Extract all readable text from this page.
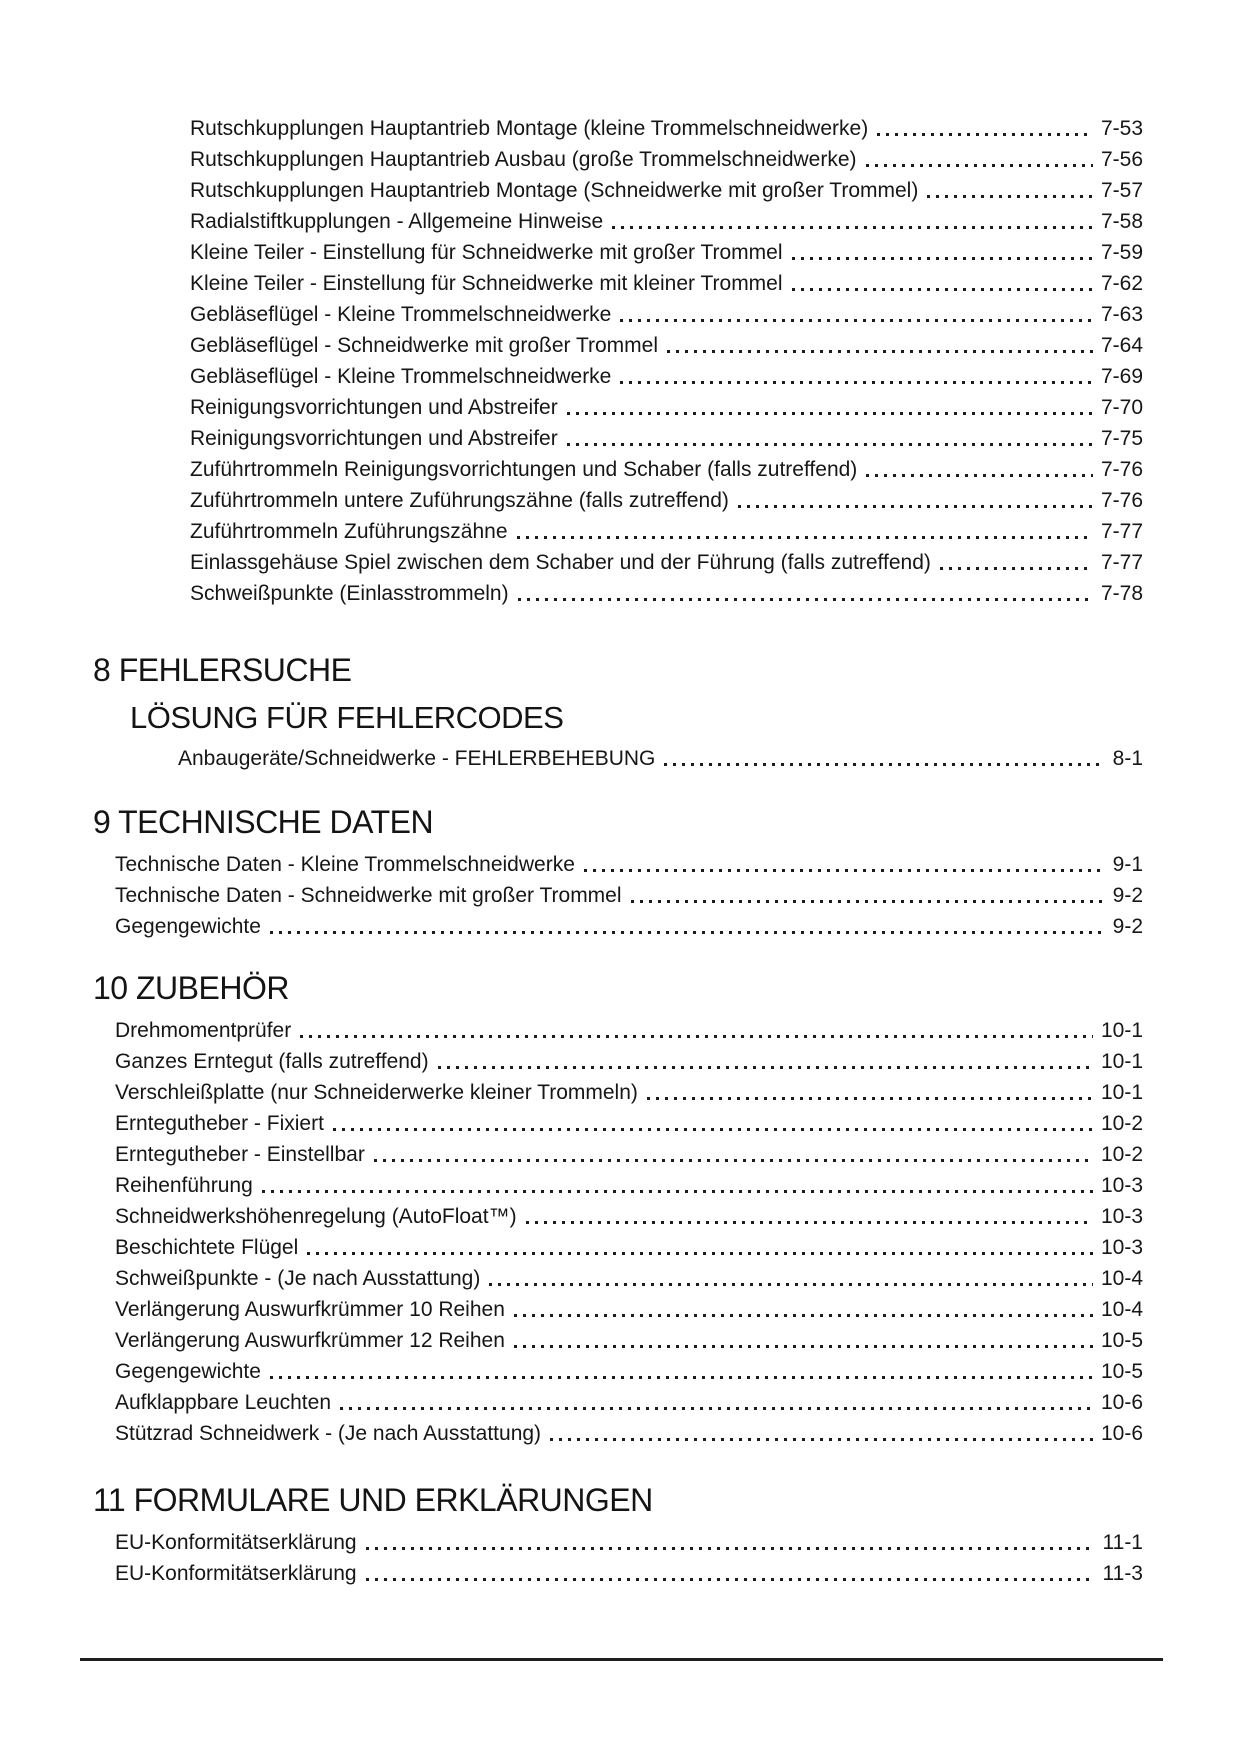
Rutschkupplungen Hauptantrieb Montage (kleine Trommelschneidwerke)	7-53
Rutschkupplungen Hauptantrieb Ausbau (große Trommelschneidwerke)	7-56
Rutschkupplungen Hauptantrieb Montage (Schneidwerke mit großer Trommel)	7-57
Radialstiftkupplungen - Allgemeine Hinweise	7-58
Kleine Teiler - Einstellung für Schneidwerke mit großer Trommel	7-59
Kleine Teiler - Einstellung für Schneidwerke mit kleiner Trommel	7-62
Gebläseflügel - Kleine Trommelschneidwerke	7-63
Gebläseflügel - Schneidwerke mit großer Trommel	7-64
Gebläseflügel - Kleine Trommelschneidwerke	7-69
Reinigungsvorrichtungen und Abstreifer	7-70
Reinigungsvorrichtungen und Abstreifer	7-75
Zuführtrommeln Reinigungsvorrichtungen und Schaber (falls zutreffend)	7-76
Zuführtrommeln untere Zuführungszähne (falls zutreffend)	7-76
Zuführtrommeln Zuführungszähne	7-77
Einlassgehäuse Spiel zwischen dem Schaber und der Führung (falls zutreffend)	7-77
Schweißpunkte (Einlasstrommeln)	7-78
8 FEHLERSUCHE
LÖSUNG FÜR FEHLERCODES
Anbaugeräte/Schneidwerke - FEHLERBEHEBUNG	8-1
9 TECHNISCHE DATEN
Technische Daten - Kleine Trommelschneidwerke	9-1
Technische Daten - Schneidwerke mit großer Trommel	9-2
Gegengewichte	9-2
10 ZUBEHÖR
Drehmomentprüfer	10-1
Ganzes Erntegut (falls zutreffend)	10-1
Verschleißplatte (nur Schneiderwerke kleiner Trommeln)	10-1
Erntegutheber - Fixiert	10-2
Erntegutheber - Einstellbar	10-2
Reihenführung	10-3
Schneidwerkshöhenregelung (AutoFloat™)	10-3
Beschichtete Flügel	10-3
Schweißpunkte - (Je nach Ausstattung)	10-4
Verlängerung Auswurfkrümmer 10 Reihen	10-4
Verlängerung Auswurfkrümmer 12 Reihen	10-5
Gegengewichte	10-5
Aufklappbare Leuchten	10-6
Stützrad Schneidwerk - (Je nach Ausstattung)	10-6
11 FORMULARE UND ERKLÄRUNGEN
EU-Konformitätserklärung	11-1
EU-Konformitätserklärung	11-3
